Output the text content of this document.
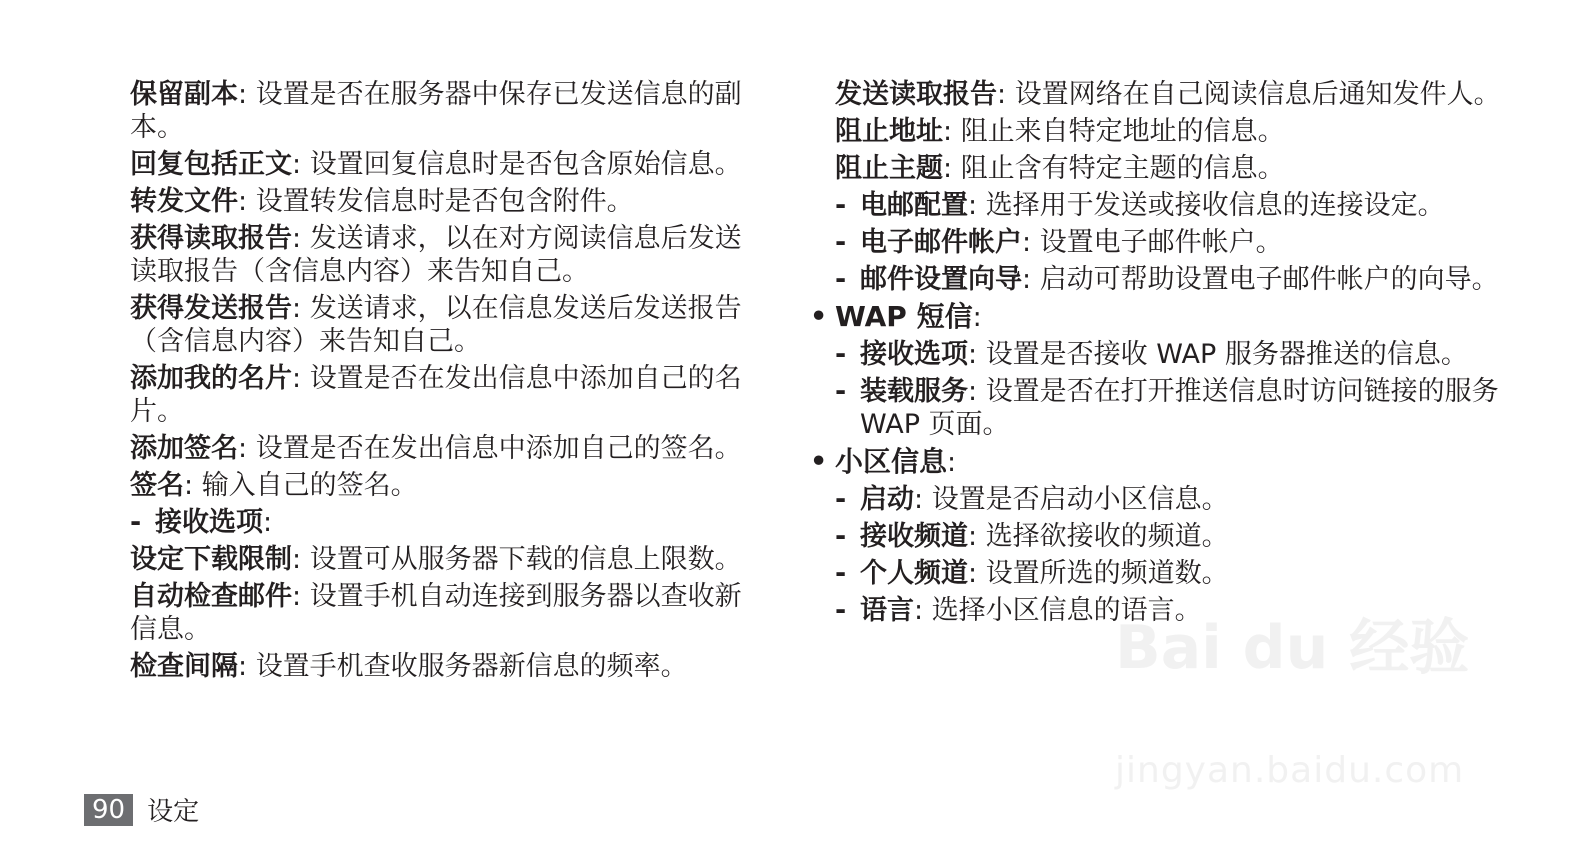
保留副本: 设置是否在服务器中保存已发送信息的副本。
回复包括正文: 设置回复信息时是否包含原始信息。
转发文件: 设置转发信息时是否包含附件。
获得读取报告: 发送请求，以在对方阅读信息后发送读取报告（含信息内容）来告知自己。
获得发送报告: 发送请求，以在信息发送后发送报告（含信息内容）来告知自己。
添加我的名片: 设置是否在发出信息中添加自己的名片。
添加签名: 设置是否在发出信息中添加自己的签名。
签名: 输入自己的签名。
- 接收选项:
设定下载限制: 设置可从服务器下载的信息上限数。
自动检查邮件: 设置手机自动连接到服务器以查收新信息。
检查间隔: 设置手机查收服务器新信息的频率。
发送读取报告: 设置网络在自己阅读信息后通知发件人。
阻止地址: 阻止来自特定地址的信息。
阻止主题: 阻止含有特定主题的信息。
- 电邮配置: 选择用于发送或接收信息的连接设定。
- 电子邮件帐户: 设置电子邮件帐户。
- 邮件设置向导: 启动可帮助设置电子邮件帐户的向导。
• WAP 短信:
- 接收选项: 设置是否接收 WAP 服务器推送的信息。
- 装载服务: 设置是否在打开推送信息时访问链接的服务 WAP 页面。
• 小区信息:
- 启动: 设置是否启动小区信息。
- 接收频道: 选择欲接收的频道。
- 个人频道: 设置所选的频道数。
- 语言: 选择小区信息的语言。
90 设定
Bai du 经验
jingyan.baidu.com
